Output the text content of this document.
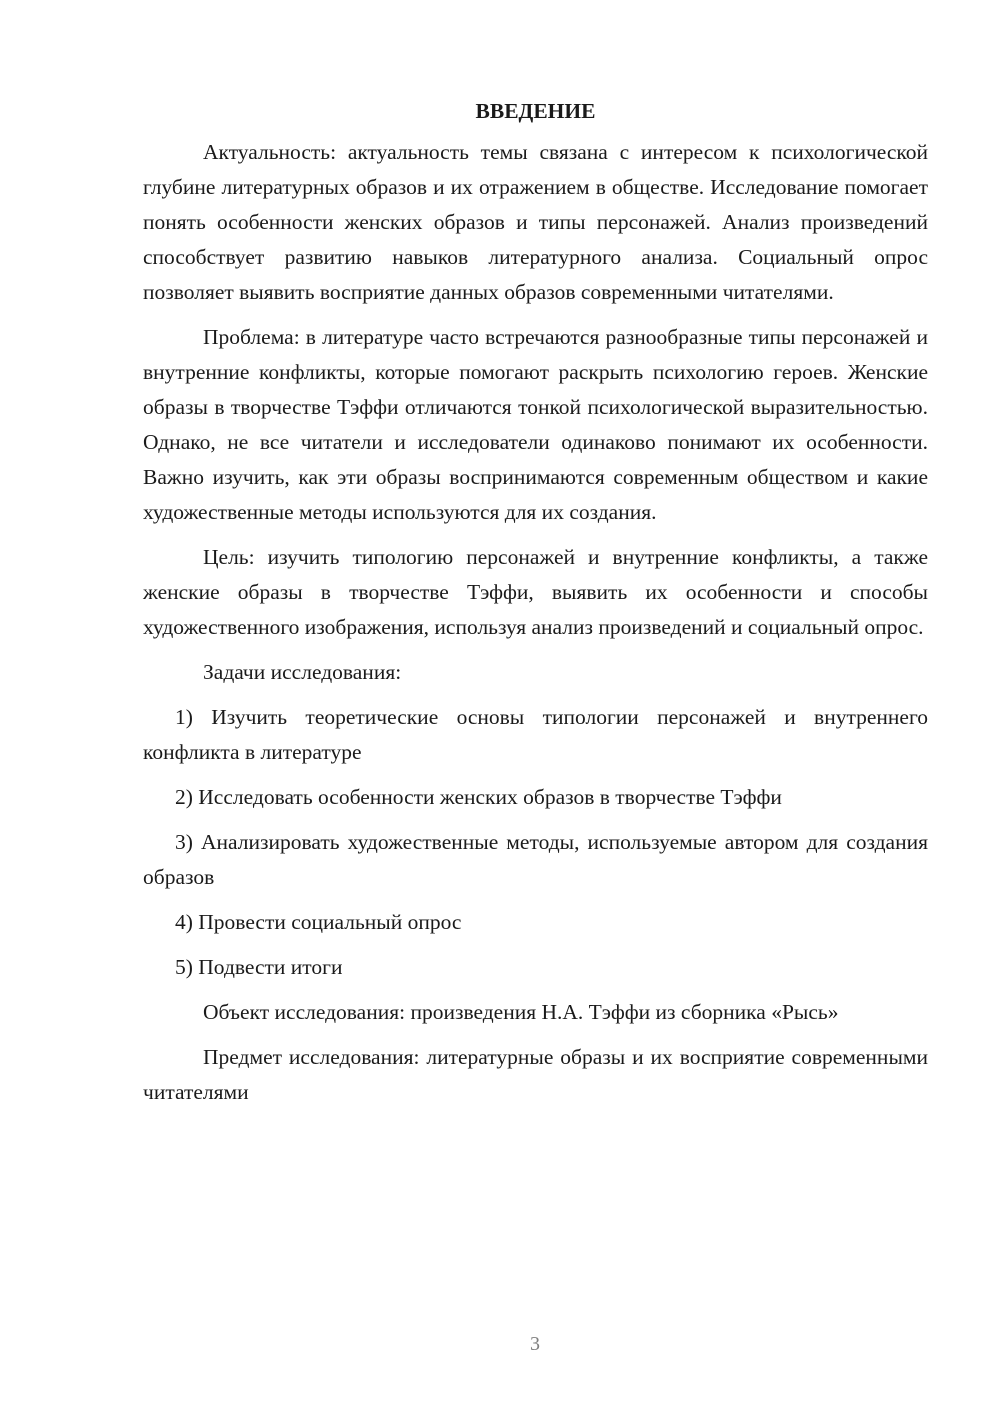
ВВЕДЕНИЕ

Актуальность: актуальность темы связана с интересом к психологической глубине литературных образов и их отражением в обществе. Исследование помогает понять особенности женских образов и типы персонажей. Анализ произведений способствует развитию навыков литературного анализа. Социальный опрос позволяет выявить восприятие данных образов современными читателями.

Проблема: в литературе часто встречаются разнообразные типы персонажей и внутренние конфликты, которые помогают раскрыть психологию героев. Женские образы в творчестве Тэффи отличаются тонкой психологической выразительностью. Однако, не все читатели и исследователи одинаково понимают их особенности. Важно изучить, как эти образы воспринимаются современным обществом и какие художественные методы используются для их создания.

Цель: изучить типологию персонажей и внутренние конфликты, а также женские образы в творчестве Тэффи, выявить их особенности и способы художественного изображения, используя анализ произведений и социальный опрос.

Задачи исследования:

1) Изучить теоретические основы типологии персонажей и внутреннего конфликта в литературе

2) Исследовать особенности женских образов в творчестве Тэффи

3) Анализировать художественные методы, используемые автором для создания образов

4) Провести социальный опрос

5) Подвести итоги

Объект исследования: произведения Н.А. Тэффи из сборника «Рысь»

Предмет исследования: литературные образы и их восприятие современными читателями

3
